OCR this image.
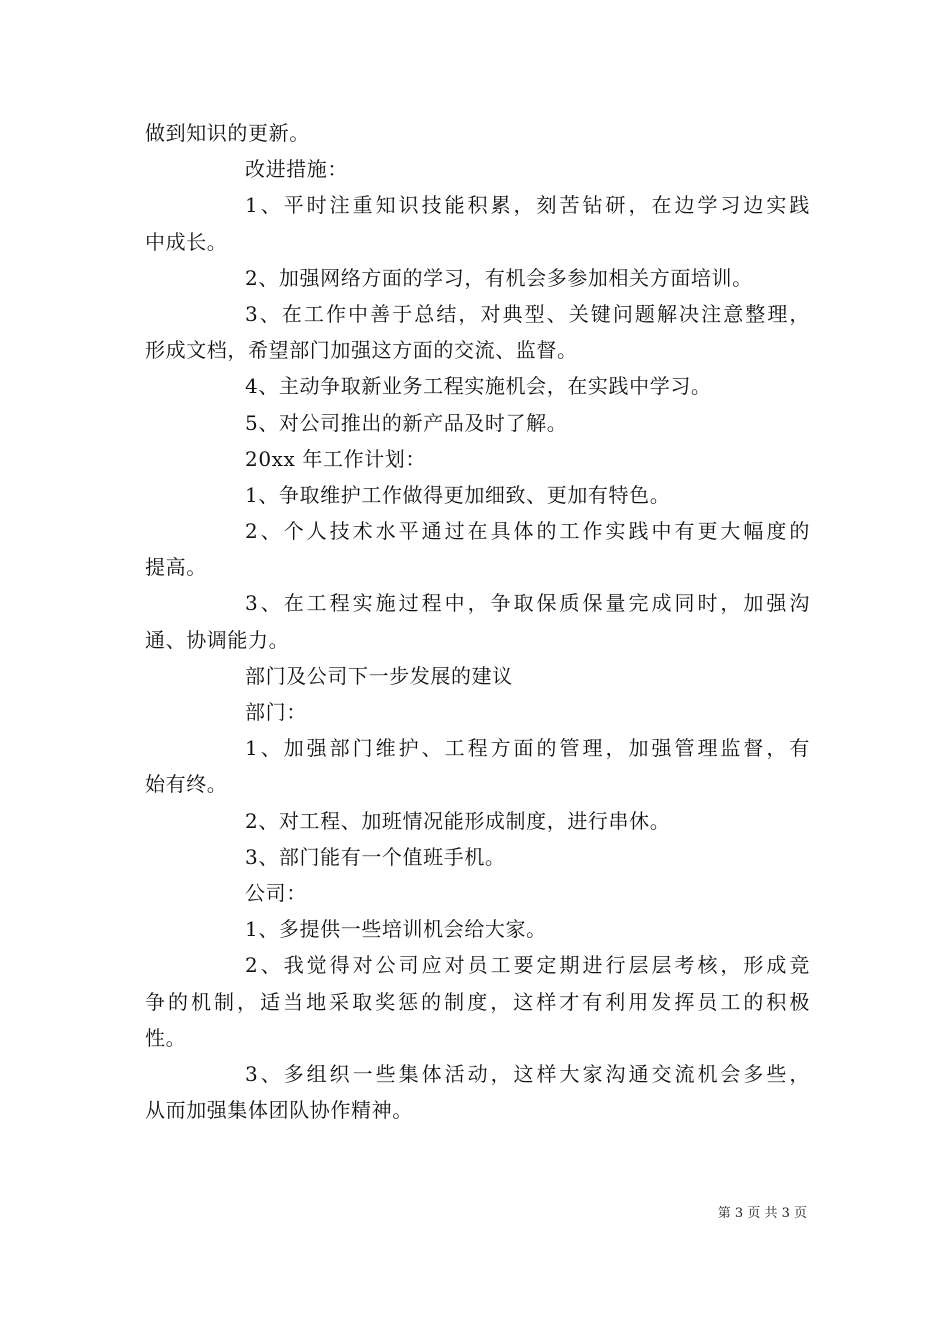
做到知识的更新。
改进措施：
1、平时注重知识技能积累，刻苦钻研，在边学习边实践
中成长。
2、加强网络方面的学习，有机会多参加相关方面培训。
3、在工作中善于总结，对典型、关键问题解决注意整理，
形成文档，希望部门加强这方面的交流、监督。
4、主动争取新业务工程实施机会，在实践中学习。
5、对公司推出的新产品及时了解。
20xx 年工作计划：
1、争取维护工作做得更加细致、更加有特色。
2、个人技术水平通过在具体的工作实践中有更大幅度的
提高。
3、在工程实施过程中，争取保质保量完成同时，加强沟
通、协调能力。
部门及公司下一步发展的建议
部门：
1、加强部门维护、工程方面的管理，加强管理监督，有
始有终。
2、对工程、加班情况能形成制度，进行串休。
3、部门能有一个值班手机。
公司：
1、多提供一些培训机会给大家。
2、我觉得对公司应对员工要定期进行层层考核，形成竞
争的机制，适当地采取奖惩的制度，这样才有利用发挥员工的积极
性。
3、多组织一些集体活动，这样大家沟通交流机会多些，
从而加强集体团队协作精神。
第 3 页 共 3 页
